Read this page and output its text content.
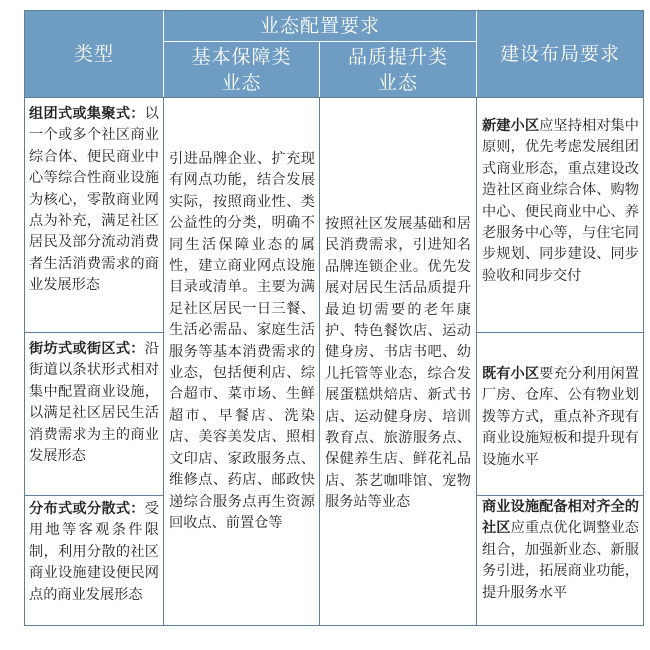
类型
业态配置要求
基本保障类
业态
品质提升类
业态
建设布局要求

组团式或集聚式：以一个或多个社区商业综合体、便民商业中心等综合性商业设施为核心，零散商业网点为补充，满足社区居民及部分流动消费者生活消费需求的商业发展形态

街坊式或街区式：沿街道以条状形式相对集中配置商业设施，以满足社区居民生活消费需求为主的商业发展形态

分布式或分散式：受用地等客观条件限制，利用分散的社区商业设施建设便民网点的商业发展形态

引进品牌企业、扩充现有网点功能，结合发展实际，按照商业性、类公益性的分类，明确不同生活保障业态的属性，建立商业网点设施目录或清单。主要为满足社区居民一日三餐、生活必需品、家庭生活服务等基本消费需求的业态，包括便利店、综合超市、菜市场、生鲜超市、早餐店、洗染店、美容美发店、照相文印店、家政服务点、维修点、药店、邮政快递综合服务点再生资源回收点、前置仓等

按照社区发展基础和居民消费需求，引进知名品牌连锁企业。优先发展对居民生活品质提升最迫切需要的老年康护、特色餐饮店、运动健身房、书店书吧、幼儿托管等业态，综合发展蛋糕烘焙店、新式书店、运动健身房、培训教育点、旅游服务点、保健养生店、鲜花礼品店、茶艺咖啡馆、宠物服务站等业态

新建小区应坚持相对集中原则，优先考虑发展组团式商业形态，重点建设改造社区商业综合体、购物中心、便民商业中心、养老服务中心等，与住宅同步规划、同步建设、同步验收和同步交付

既有小区要充分利用闲置厂房、仓库、公有物业划拨等方式，重点补齐现有商业设施短板和提升现有设施水平

商业设施配备相对齐全的社区应重点优化调整业态组合，加强新业态、新服务引进，拓展商业功能，提升服务水平
